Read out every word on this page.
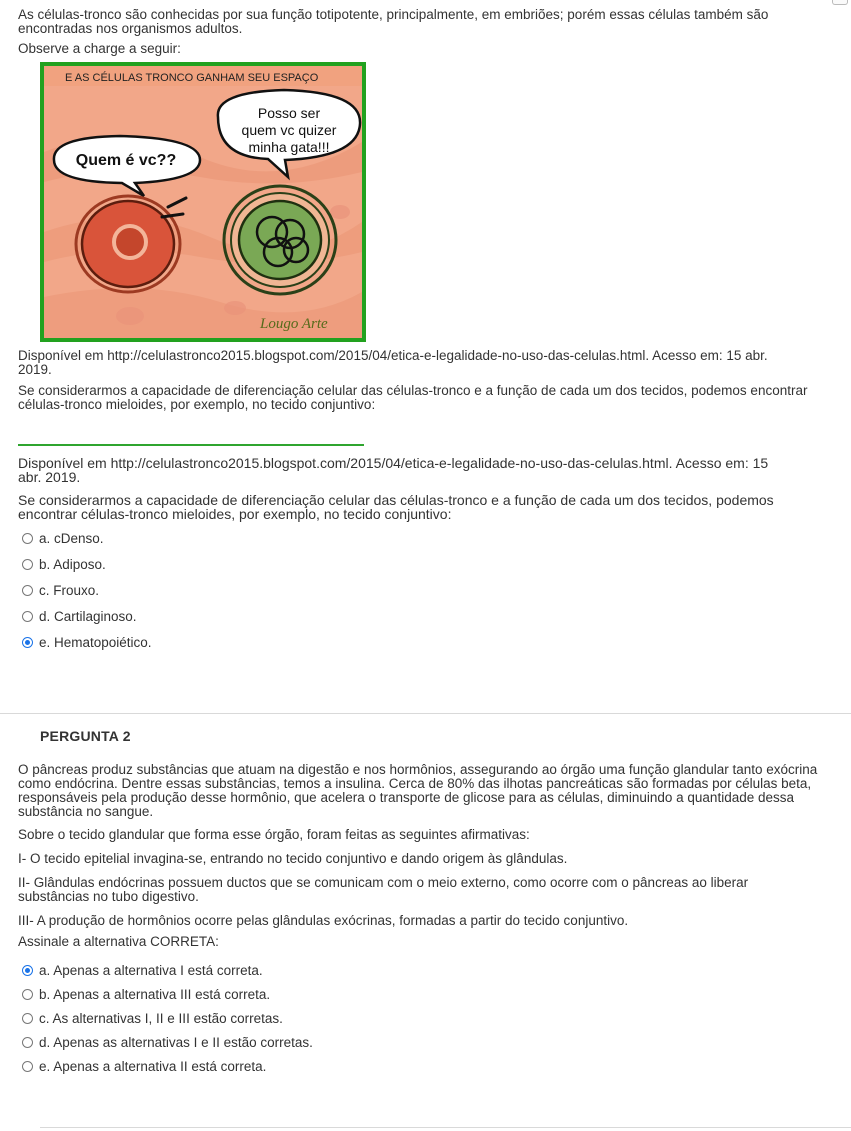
As células-tronco são conhecidas por sua função totipotente, principalmente, em embriões; porém essas células também são encontradas nos organismos adultos.

Observe a charge a seguir:

E AS CÉLULAS TRONCO GANHAM SEU ESPAÇO
Posso ser
quem vc quizer
minha gata!!!
Quem é vc??
Lougo Arte

Disponível em http://celulastronco2015.blogspot.com/2015/04/etica-e-legalidade-no-uso-das-celulas.html. Acesso em: 15 abr. 2019.

Se considerarmos a capacidade de diferenciação celular das células-tronco e a função de cada um dos tecidos, podemos encontrar células-tronco mieloides, por exemplo, no tecido conjuntivo:

Disponível em http://celulastronco2015.blogspot.com/2015/04/etica-e-legalidade-no-uso-das-celulas.html. Acesso em: 15 abr. 2019.

Se considerarmos a capacidade de diferenciação celular das células-tronco e a função de cada um dos tecidos, podemos encontrar células-tronco mieloides, por exemplo, no tecido conjuntivo:

a. cDenso.
b. Adiposo.
c. Frouxo.
d. Cartilaginoso.
e. Hematopoiético.
PERGUNTA 2

O pâncreas produz substâncias que atuam na digestão e nos hormônios, assegurando ao órgão uma função glandular tanto exócrina como endócrina. Dentre essas substâncias, temos a insulina. Cerca de 80% das ilhotas pancreáticas são formadas por células beta, responsáveis pela produção desse hormônio, que acelera o transporte de glicose para as células, diminuindo a quantidade dessa substância no sangue.

Sobre o tecido glandular que forma esse órgão, foram feitas as seguintes afirmativas:

I- O tecido epitelial invagina-se, entrando no tecido conjuntivo e dando origem às glândulas.

II- Glândulas endócrinas possuem ductos que se comunicam com o meio externo, como ocorre com o pâncreas ao liberar substâncias no tubo digestivo.

III- A produção de hormônios ocorre pelas glândulas exócrinas, formadas a partir do tecido conjuntivo.

Assinale a alternativa CORRETA:

a. Apenas a alternativa I está correta.
b. Apenas a alternativa III está correta.
c. As alternativas I, II e III estão corretas.
d. Apenas as alternativas I e II estão corretas.
e. Apenas a alternativa II está correta.
